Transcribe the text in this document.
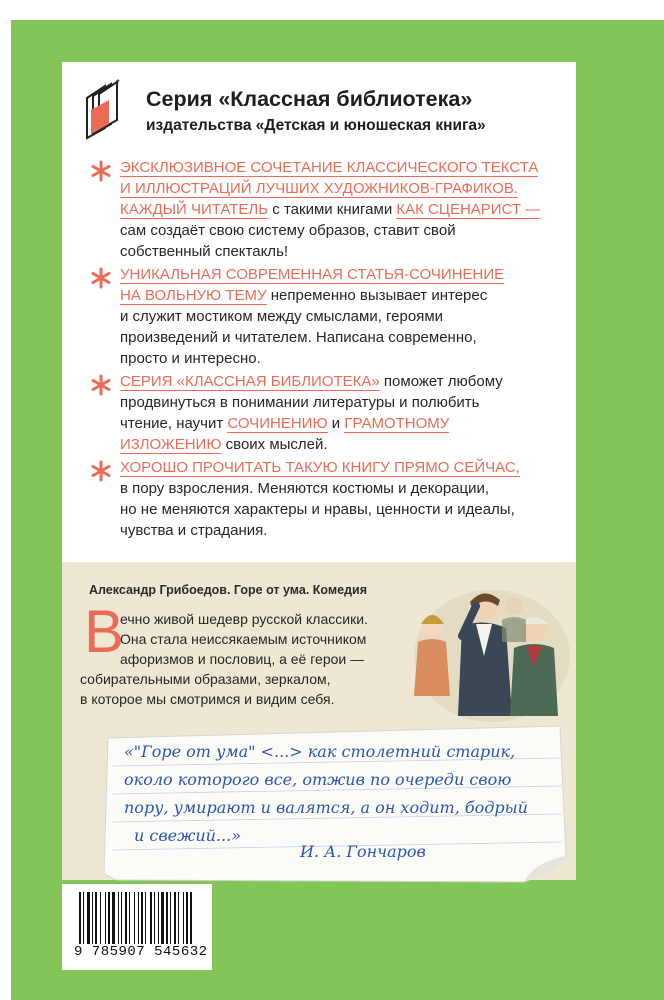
*
Серия «Классная библиотека»
издательства «Детская и юношеская книга»
ЭКСКЛЮЗИВНОЕ СОЧЕТАНИЕ КЛАССИЧЕСКОГО ТЕКСТА
И ИЛЛЮСТРАЦИЙ ЛУЧШИХ ХУДОЖНИКОВ-ГРАФИКОВ.
КАЖДЫЙ ЧИТАТЕЛЬ с такими книгами КАК СЦЕНАРИСТ —
сам создаёт свою систему образов, ставит свой
собственный спектакль!
УНИКАЛЬНАЯ СОВРЕМЕННАЯ СТАТЬЯ-СОЧИНЕНИЕ
НА ВОЛЬНУЮ ТЕМУ непременно вызывает интерес
и служит мостиком между смыслами, героями
произведений и читателем. Написана современно,
просто и интересно.
СЕРИЯ «КЛАССНАЯ БИБЛИОТЕКА» поможет любому
продвинуться в понимании литературы и полюбить
чтение, научит СОЧИНЕНИЮ и ГРАМОТНОМУ
ИЗЛОЖЕНИЮ своих мыслей.
ХОРОШО ПРОЧИТАТЬ ТАКУЮ КНИГУ ПРЯМО СЕЙЧАС,
в пору взросления. Меняются костюмы и декорации,
но не меняются характеры и нравы, ценности и идеалы,
чувства и страдания.
Александр Грибоедов. Горе от ума. Комедия
В
ечно живой шедевр русской классики.
Она стала неиссякаемым источником
афоризмов и пословиц, а её герои —
собирательными образами, зеркалом,
в которое мы смотримся и видим себя.
«"Горе от ума" <...> как столетний старик,
около которого все, отжив по очереди свою
пору, умирают и валятся, а он ходит, бодрый
и свежий...»
И. А. Гончаров
9 785907 545632
